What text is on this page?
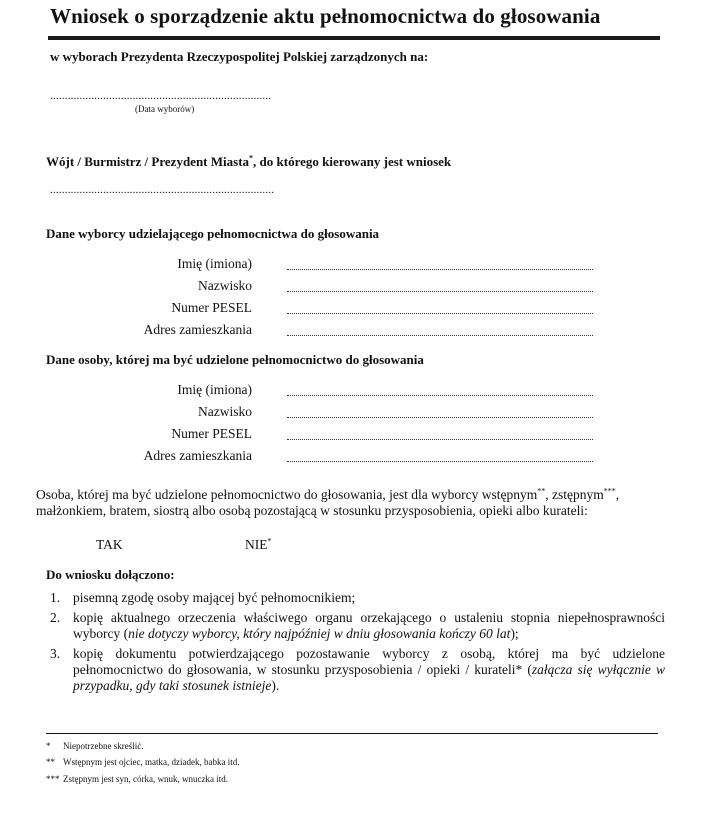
Wniosek o sporządzenie aktu pełnomocnictwa do głosowania
w wyborach Prezydenta Rzeczypospolitej Polskiej zarządzonych na:
...........................................................................
(Data wyborów)
Wójt / Burmistrz / Prezydent Miasta*, do którego kierowany jest wniosek
............................................................................
Dane wyborcy udzielającego pełnomocnictwa do głosowania
Imię (imiona)
Nazwisko
Numer PESEL
Adres zamieszkania
Dane osoby, której ma być udzielone pełnomocnictwo do głosowania
Imię (imiona)
Nazwisko
Numer PESEL
Adres zamieszkania
Osoba, której ma być udzielone pełnomocnictwo do głosowania, jest dla wyborcy wstępnym**, zstępnym***, małżonkiem, bratem, siostrą albo osobą pozostającą w stosunku przysposobienia, opieki albo kurateli:
TAK	NIE*
Do wniosku dołączono:
1. pisemną zgodę osoby mającej być pełnomocnikiem;
2. kopię aktualnego orzeczenia właściwego organu orzekającego o ustaleniu stopnia niepełnosprawności wyborcy (nie dotyczy wyborcy, który najpóźniej w dniu głosowania kończy 60 lat);
3. kopię dokumentu potwierdzającego pozostawanie wyborcy z osobą, której ma być udzielone pełnomocnictwo do głosowania, w stosunku przysposobienia / opieki / kurateli* (załącza się wyłącznie w przypadku, gdy taki stosunek istnieje).
* Niepotrzebne skreślić.
** Wstępnym jest ojciec, matka, dziadek, babka itd.
*** Zstępnym jest syn, córka, wnuk, wnuczka itd.
